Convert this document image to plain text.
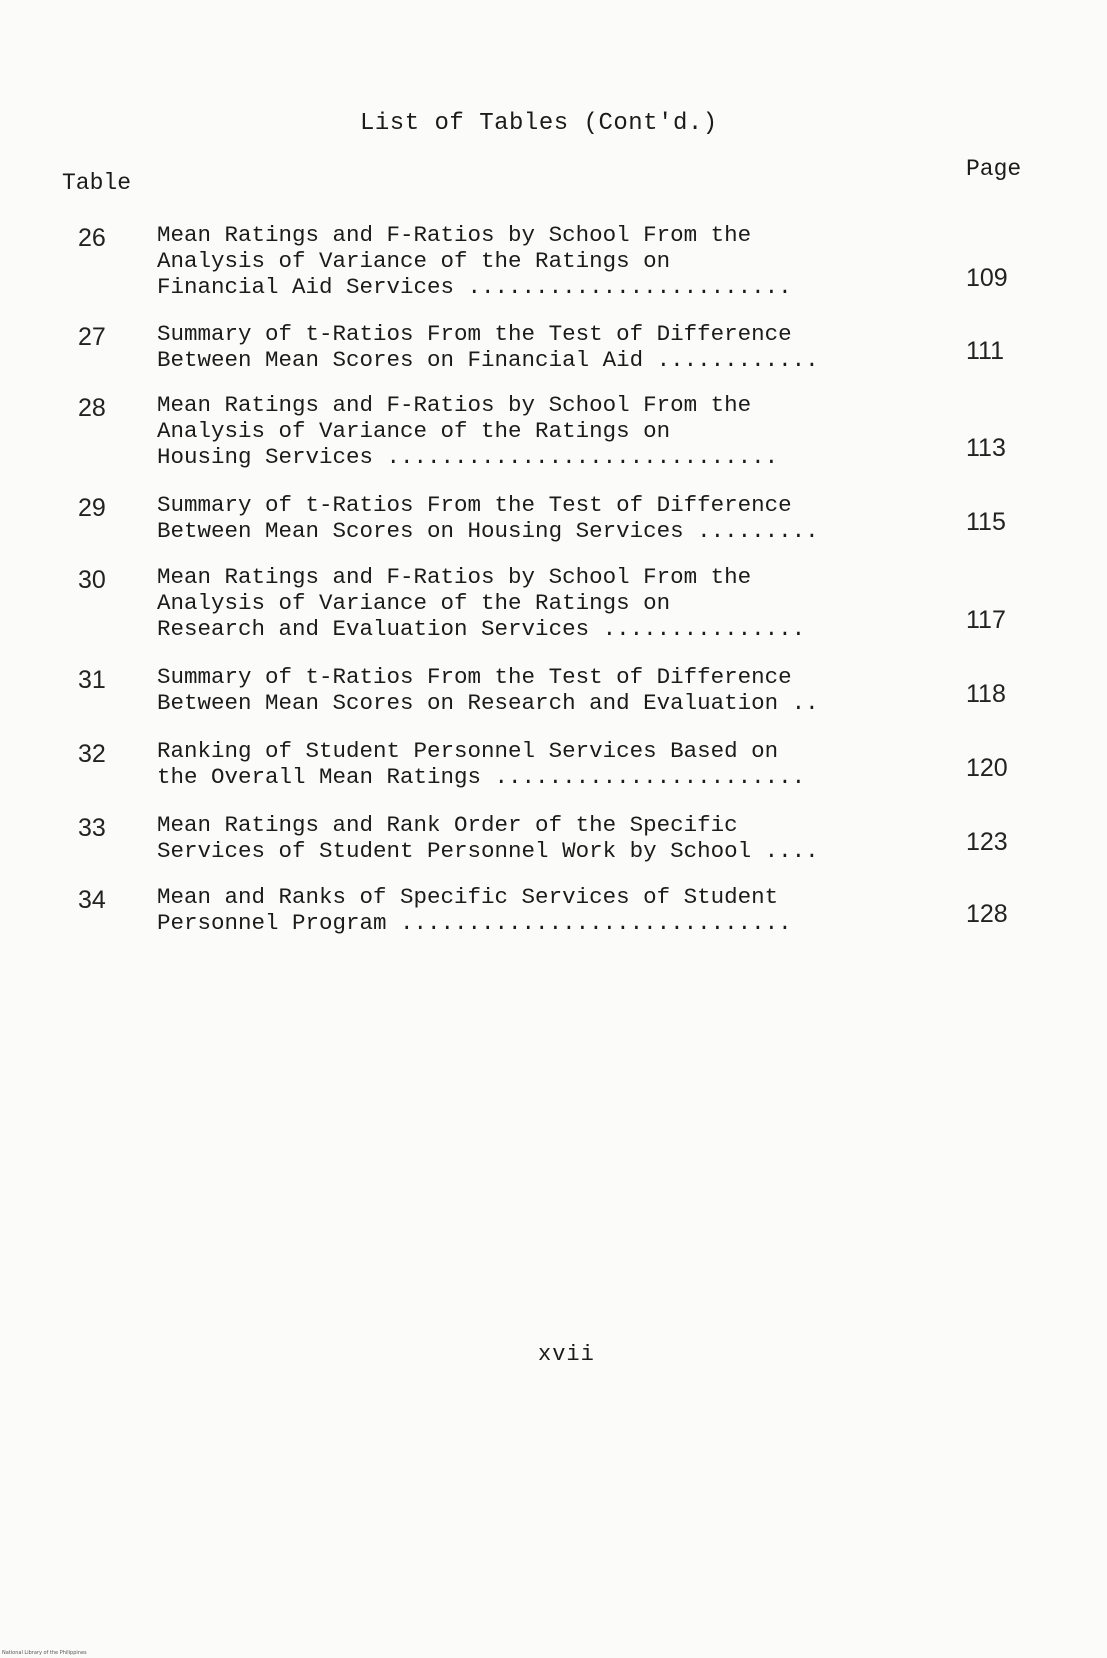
List of Tables (Cont'd.)
Table
Page
26 Mean Ratings and F-Ratios by School From the
Analysis of Variance of the Ratings on
Financial Aid Services ........................	109
27 Summary of t-Ratios From the Test of Difference
Between Mean Scores on Financial Aid ............	111
28 Mean Ratings and F-Ratios by School From the
Analysis of Variance of the Ratings on
Housing Services .............................	113
29 Summary of t-Ratios From the Test of Difference
Between Mean Scores on Housing Services .........	115
30 Mean Ratings and F-Ratios by School From the
Analysis of Variance of the Ratings on
Research and Evaluation Services ...............	117
31 Summary of t-Ratios From the Test of Difference
Between Mean Scores on Research and Evaluation ..	118
32 Ranking of Student Personnel Services Based on
the Overall Mean Ratings .......................	120
33 Mean Ratings and Rank Order of the Specific
Services of Student Personnel Work by School ....	123
34 Mean and Ranks of Specific Services of Student
Personnel Program .............................	128
xvii
National Library of the Philippines
